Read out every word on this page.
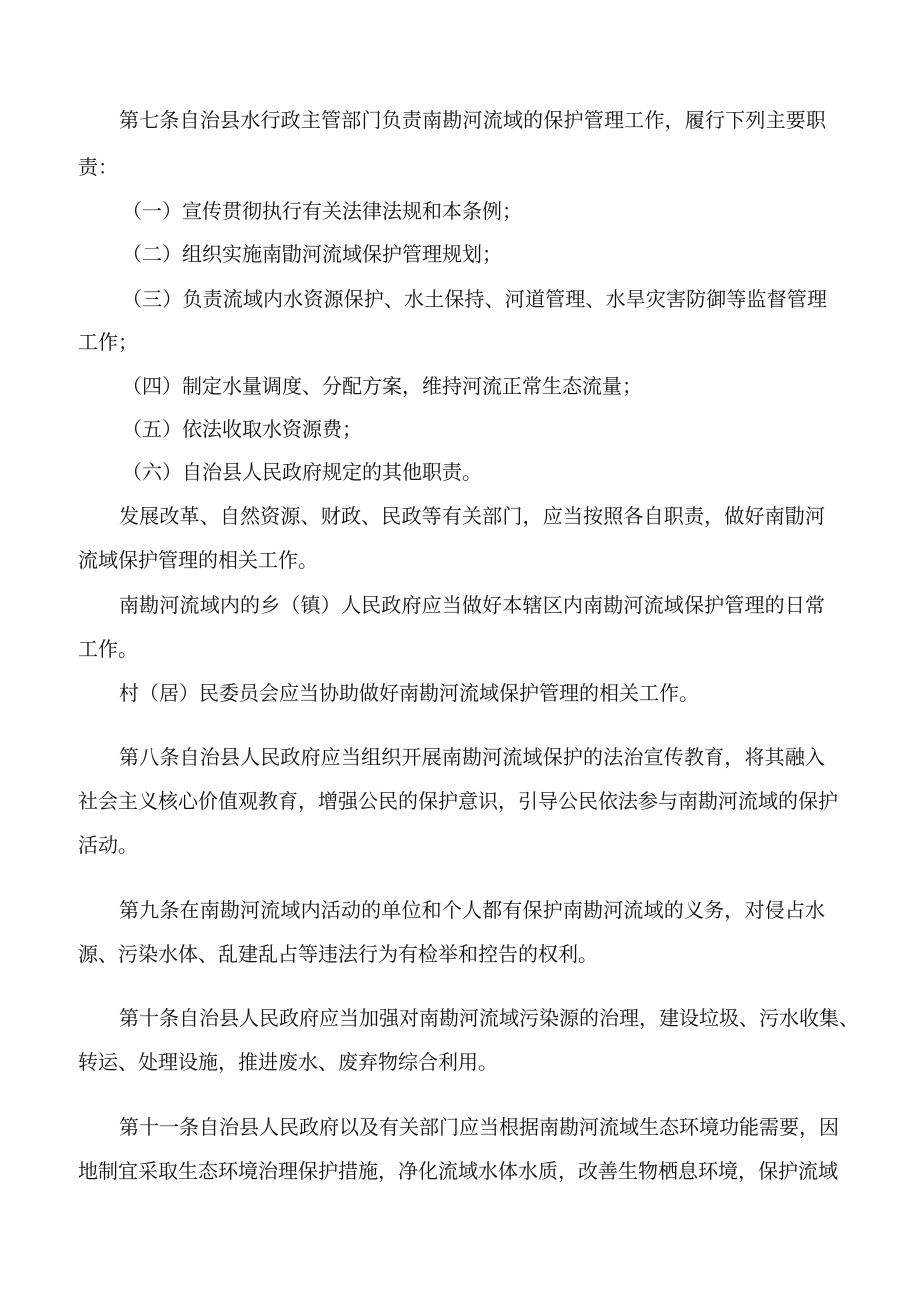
第七条自治县水行政主管部门负责南勘河流域的保护管理工作，履行下列主要职
责：
（一）宣传贯彻执行有关法律法规和本条例；
（二）组织实施南勖河流域保护管理规划；
（三）负责流域内水资源保护、水土保持、河道管理、水旱灾害防御等监督管理
工作；
（四）制定水量调度、分配方案，维持河流正常生态流量；
（五）依法收取水资源费；
（六）自治县人民政府规定的其他职责。
发展改革、自然资源、财政、民政等有关部门，应当按照各自职责，做好南勖河
流域保护管理的相关工作。
南勘河流域内的乡（镇）人民政府应当做好本辖区内南勘河流域保护管理的日常
工作。
村（居）民委员会应当协助做好南勘河流域保护管理的相关工作。
第八条自治县人民政府应当组织开展南勘河流域保护的法治宣传教育，将其融入
社会主义核心价值观教育，增强公民的保护意识，引导公民依法参与南勘河流域的保护
活动。
第九条在南勘河流域内活动的单位和个人都有保护南勘河流域的义务，对侵占水
源、污染水体、乱建乱占等违法行为有检举和控告的权利。
第十条自治县人民政府应当加强对南勘河流域污染源的治理，建设垃圾、污水收集、
转运、处理设施，推进废水、废弃物综合利用。
第十一条自治县人民政府以及有关部门应当根据南勘河流域生态环境功能需要，因
地制宜采取生态环境治理保护措施，净化流域水体水质，改善生物栖息环境，保护流域
